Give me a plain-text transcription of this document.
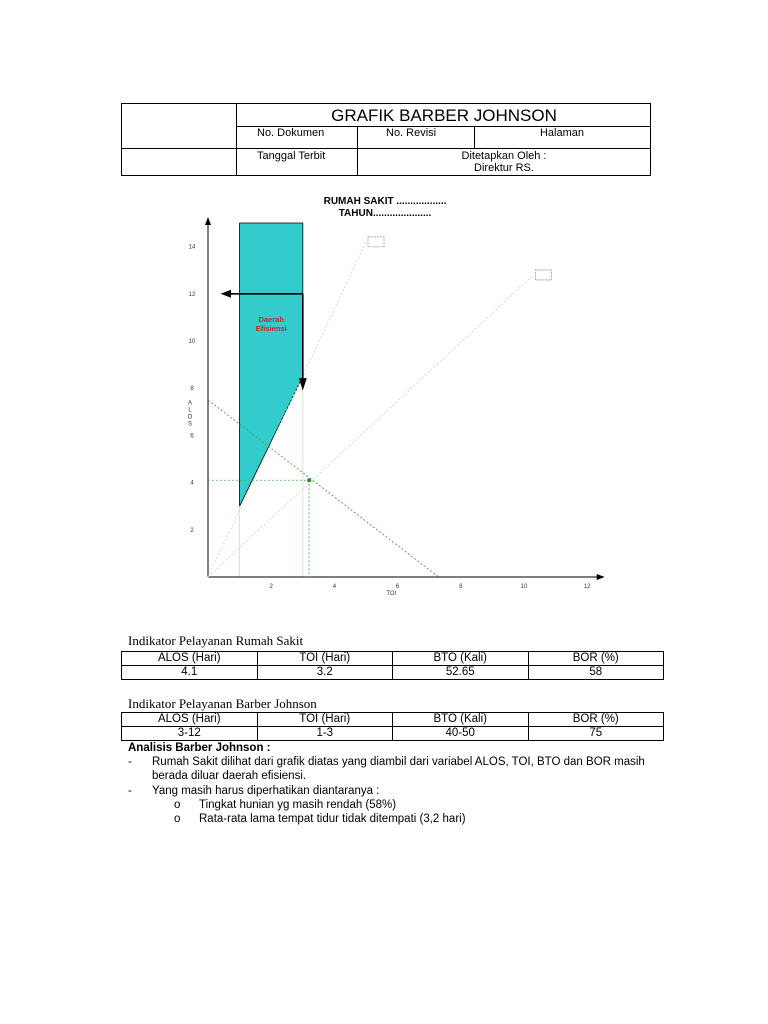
GRAFIK BARBER JOHNSON
No. Dokumen	No. Revisi	Halaman
Tanggal Terbit	Ditetapkan Oleh :
Direktur RS.
RUMAH SAKIT ..................
TAHUN.....................
2	4	6	8	10	12
2
4
6
8
10
12
14
TOI
A
L
O
S
Daerah
Efisiensi
Indikator Pelayanan Rumah Sakit
ALOS (Hari)	TOI (Hari)	BTO (Kali)	BOR (%)
4.1	3.2	52.65	58
Indikator Pelayanan Barber Johnson
ALOS (Hari)	TOI (Hari)	BTO (Kali)	BOR (%)
3-12	1-3	40-50	75
Analisis Barber Johnson :
- Rumah Sakit dilihat dari grafik diatas yang diambil dari variabel ALOS, TOI, BTO dan BOR masih berada diluar daerah efisiensi.
- Yang masih harus diperhatikan diantaranya :
o Tingkat hunian yg masih rendah (58%)
o Rata-rata lama tempat tidur tidak ditempati (3,2 hari)
